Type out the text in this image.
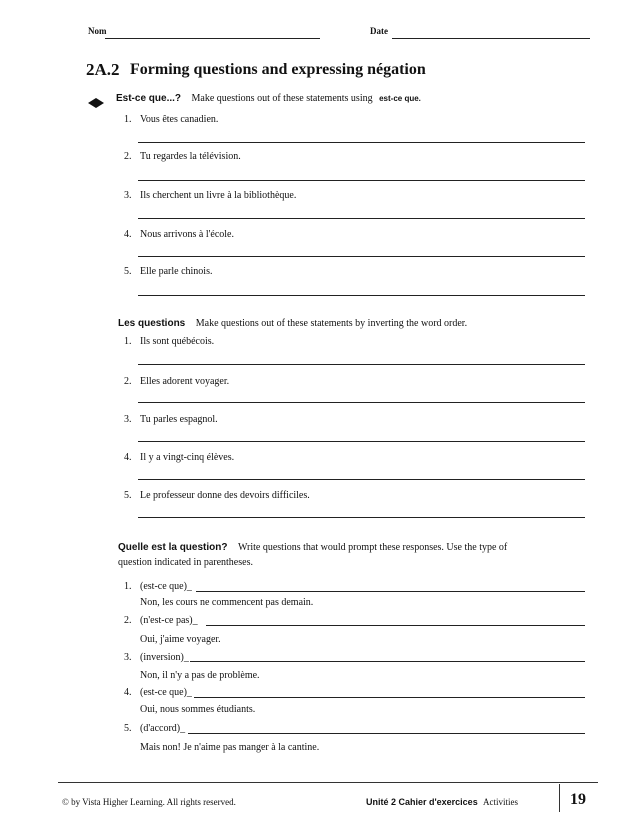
Nom	Date
2A.2 Forming questions and expressing négation
Est-ce que...? Make questions out of these statements using est-ce que.
1. Vous êtes canadien.
2. Tu regardes la télévision.
3. Ils cherchent un livre à la bibliothèque.
4. Nous arrivons à l'école.
5. Elle parle chinois.
Les questions Make questions out of these statements by inverting the word order.
1. Ils sont québécois.
2. Elles adorent voyager.
3. Tu parles espagnol.
4. Il y a vingt-cinq élèves.
5. Le professeur donne des devoirs difficiles.
Quelle est la question? Write questions that would prompt these responses. Use the type of
question indicated in parentheses.
1. (est-ce que)_
Non, les cours ne commencent pas demain.
2. (n'est-ce pas)_
Oui, j'aime voyager.
3. (inversion)_
Non, il n'y a pas de problème.
4. (est-ce que)_
Oui, nous sommes étudiants.
5. (d'accord)_
Mais non! Je n'aime pas manger à la cantine.
© by Vista Higher Learning. All rights reserved.	Unité 2 Cahier d'exercices Activities	19
